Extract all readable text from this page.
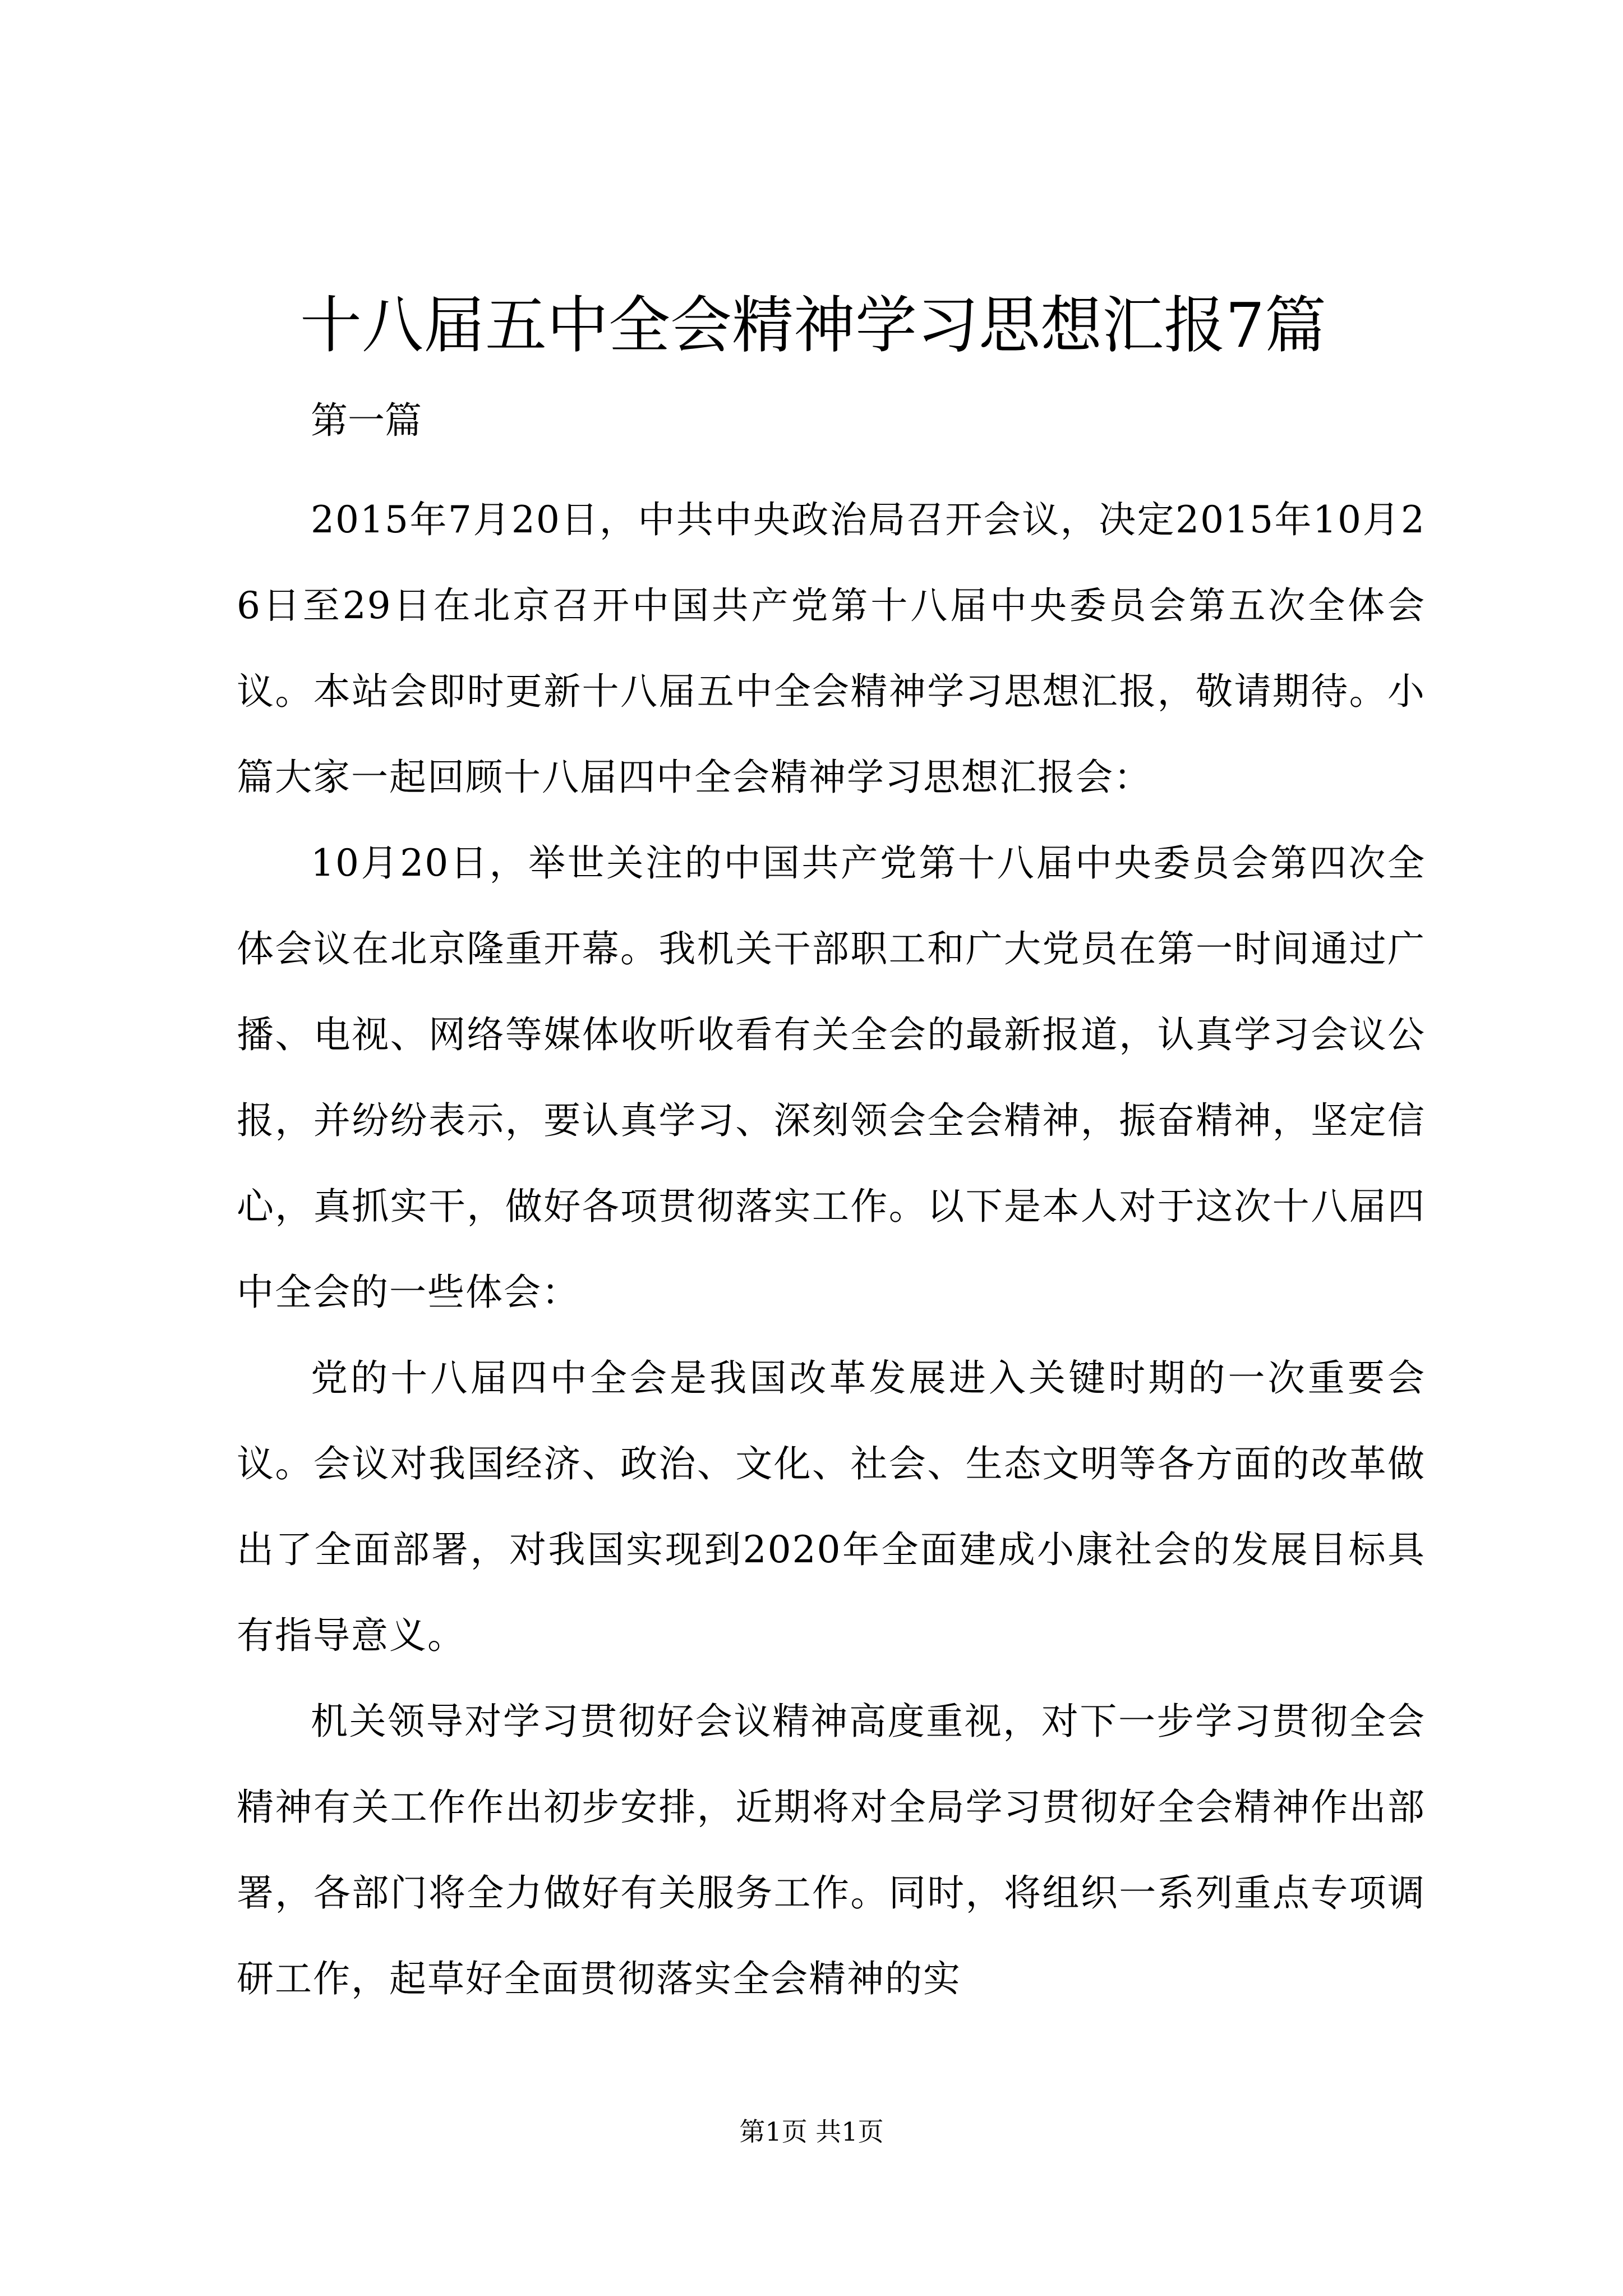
十八届五中全会精神学习思想汇报7篇

第一篇

2015年7月20日，中共中央政治局召开会议，决定2015年10月26日至29日在北京召开中国共产党第十八届中央委员会第五次全体会议。本站会即时更新十八届五中全会精神学习思想汇报，敬请期待。小篇大家一起回顾十八届四中全会精神学习思想汇报会：

10月20日，举世关注的中国共产党第十八届中央委员会第四次全体会议在北京隆重开幕。我机关干部职工和广大党员在第一时间通过广播、电视、网络等媒体收听收看有关全会的最新报道，认真学习会议公报，并纷纷表示，要认真学习、深刻领会全会精神，振奋精神，坚定信心，真抓实干，做好各项贯彻落实工作。以下是本人对于这次十八届四中全会的一些体会：

党的十八届四中全会是我国改革发展进入关键时期的一次重要会议。会议对我国经济、政治、文化、社会、生态文明等各方面的改革做出了全面部署，对我国实现到2020年全面建成小康社会的发展目标具有指导意义。

机关领导对学习贯彻好会议精神高度重视，对下一步学习贯彻全会精神有关工作作出初步安排，近期将对全局学习贯彻好全会精神作出部署，各部门将全力做好有关服务工作。同时，将组织一系列重点专项调研工作，起草好全面贯彻落实全会精神的实

第1页 共1页
